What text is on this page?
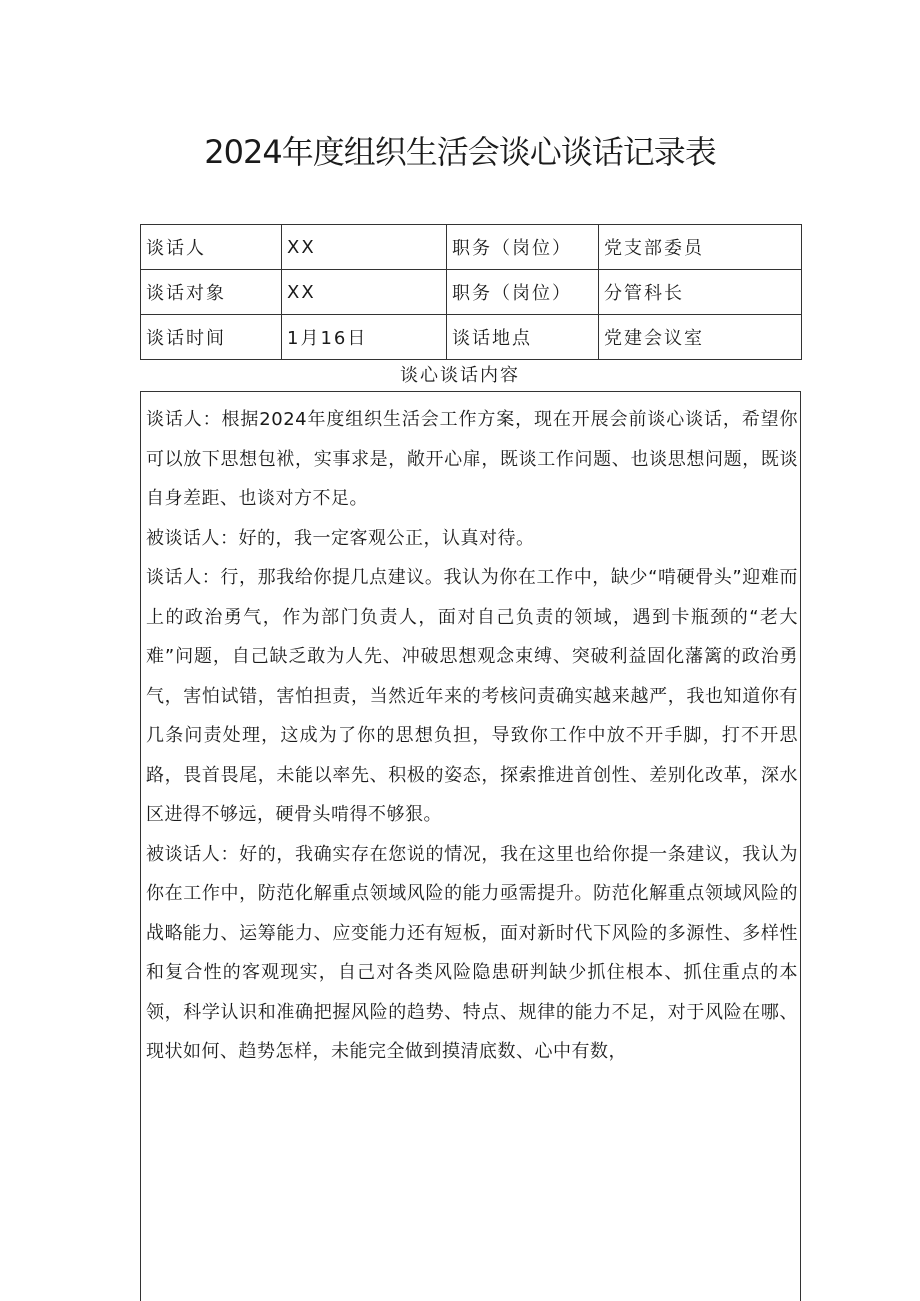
2024年度组织生活会谈心谈话记录表
谈话人	XX	职务（岗位）	党支部委员
谈话对象	XX	职务（岗位）	分管科长
谈话时间	1月16日	谈话地点	党建会议室
谈心谈话内容

谈话人：根据2024年度组织生活会工作方案，现在开展会前谈心谈话，希望你可以放下思想包袱，实事求是，敞开心扉，既谈工作问题、也谈思想问题，既谈自身差距、也谈对方不足。

被谈话人：好的，我一定客观公正，认真对待。

谈话人：行，那我给你提几点建议。我认为你在工作中，缺少“啃硬骨头”迎难而上的政治勇气，作为部门负责人，面对自己负责的领域，遇到卡瓶颈的“老大难”问题，自己缺乏敢为人先、冲破思想观念束缚、突破利益固化藩篱的政治勇气，害怕试错，害怕担责，当然近年来的考核问责确实越来越严，我也知道你有几条问责处理，这成为了你的思想负担，导致你工作中放不开手脚，打不开思路，畏首畏尾，未能以率先、积极的姿态，探索推进首创性、差别化改革，深水区进得不够远，硬骨头啃得不够狠。

被谈话人：好的，我确实存在您说的情况，我在这里也给你提一条建议，我认为你在工作中，防范化解重点领域风险的能力亟需提升。防范化解重点领域风险的战略能力、运筹能力、应变能力还有短板，面对新时代下风险的多源性、多样性和复合性的客观现实，自己对各类风险隐患研判缺少抓住根本、抓住重点的本领，科学认识和准确把握风险的趋势、特点、规律的能力不足，对于风险在哪、现状如何、趋势怎样，未能完全做到摸清底数、心中有数，
